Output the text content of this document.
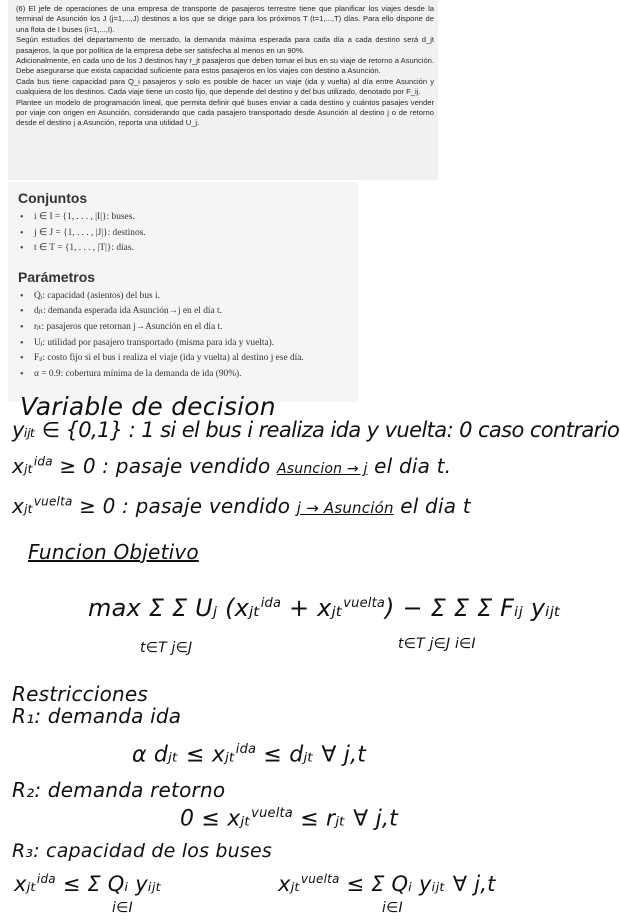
(6) El jefe de operaciones de una empresa de transporte de pasajeros terrestre tiene que planificar los viajes desde la terminal de Asunción los J (j=1,...,J) destinos a los que se dirige para los próximos T (t=1,...,T) días. Para ello dispone de una flota de I buses (i=1,...,I).

Según estudios del departamento de mercado, la demanda máxima esperada para cada día a cada destino será d_jt pasajeros, la que por política de la empresa debe ser satisfecha al menos en un 90%.

Adicionalmente, en cada uno de los J destinos hay r_jt pasajeros que deben tomar el bus en su viaje de retorno a Asunción. Debe asegurarse que exista capacidad suficiente para estos pasajeros en los viajes con destino a Asunción.

Cada bus tiene capacidad para Q_i pasajeros y solo es posible de hacer un viaje (ida y vuelta) al día entre Asunción y cualquiera de los destinos. Cada viaje tiene un costo fijo, que depende del destino y del bus utilizado, denotado por F_ij.

Plantee un modelo de programación lineal, que permita definir qué buses enviar a cada destino y cuántos pasajes vender por viaje con origen en Asunción, considerando que cada pasajero transportado desde Asunción al destino j o de retorno desde el destino j a Asunción, reporta una utilidad U_j.

Conjuntos
• i ∈ I = {1, . . . , |I|}: buses.
• j ∈ J = {1, . . . , |J|}: destinos.
• t ∈ T = {1, . . . , |T|}: días.
Parámetros
• Qᵢ: capacidad (asientos) del bus i.
• dⱼₜ: demanda esperada ida Asunción→j en el día t.
• rⱼₜ: pasajeros que retornan j→Asunción en el día t.
• Uⱼ: utilidad por pasajero transportado (misma para ida y vuelta).
• Fᵢⱼ: costo fijo si el bus i realiza el viaje (ida y vuelta) al destino j ese día.
• α = 0.9: cobertura mínima de la demanda de ida (90%).
Variable de decision
yᵢⱼₜ ∈ {0,1} : 1 si el bus i realiza ida y vuelta: 0 caso contrario
xⱼₜ$^{ida}$ ≥ 0 : pasaje vendido Asuncion → j el dia t.
xⱼₜ$^{vuelta}$ ≥ 0 : pasaje vendido j → Asunción el dia t
Funcion Objetivo
max Σ Σ Uⱼ (xⱼₜ$^{ida}$ + xⱼₜ$^{vuelta}$) − Σ Σ Σ Fᵢⱼ yᵢⱼₜ
t∈T j∈J	t∈T j∈J i∈I
Restricciones
R₁: demanda ida
α dⱼₜ ≤ xⱼₜ$^{ida}$ ≤ dⱼₜ ∀ j,t
R₂: demanda retorno
0 ≤ xⱼₜ$^{vuelta}$ ≤ rⱼₜ ∀ j,t
R₃: capacidad de los buses
xⱼₜ$^{ida}$ ≤ Σ Qᵢ yᵢⱼₜ	xⱼₜ$^{vuelta}$ ≤ Σ Qᵢ yᵢⱼₜ ∀ j,t
i∈I	i∈I
